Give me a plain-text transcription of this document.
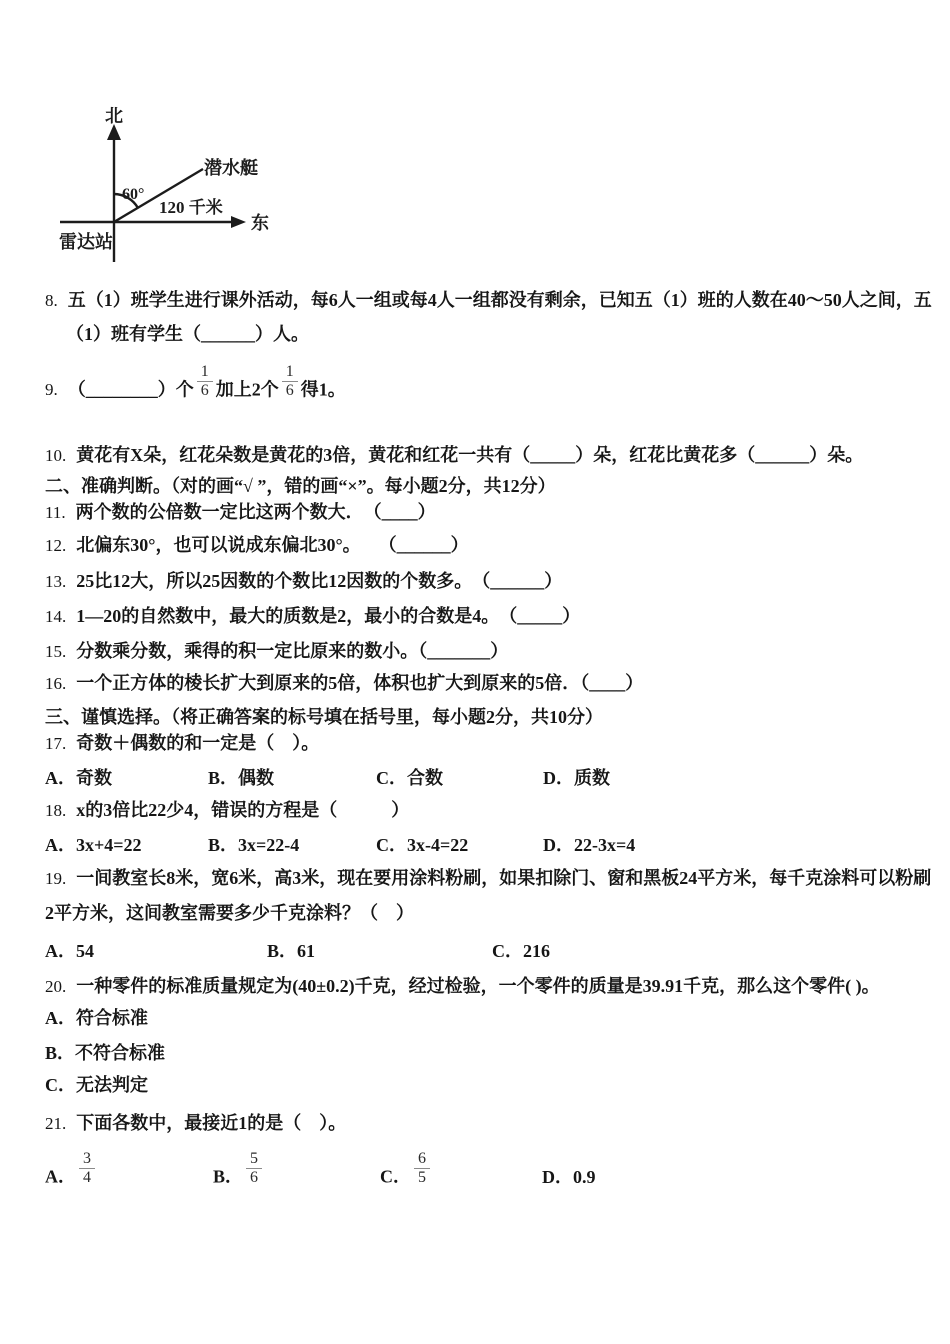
北
东
潜水艇
60°
120 千米
雷达站
8. 五（1）班学生进行课外活动，每6人一组或每4人一组都没有剩余，已知五（1）班的人数在40～50人之间，五
（1）班有学生（______）人。
9. （________）个 $\frac{1}{6}$ 加上2个 $\frac{1}{6}$ 得1。
10. 黄花有X朵，红花朵数是黄花的3倍，黄花和红花一共有（_____）朵，红花比黄花多（______）朵。
二、准确判断。（对的画“√ ”，错的画“×”。每小题2分，共12分）
11. 两个数的公倍数一定比这两个数大．　（____）
12. 北偏东30°，也可以说成东偏北30°。　　（______）
13. 25比12大，所以25因数的个数比12因数的个数多。　（______）
14. 1—20的自然数中，最大的质数是2，最小的合数是4。　（_____）
15. 分数乘分数，乘得的积一定比原来的数小。（_______）
16. 一个正方体的棱长扩大到原来的5倍，体积也扩大到原来的5倍．（____）
三、谨慎选择。（将正确答案的标号填在括号里，每小题2分，共10分）
17. 奇数＋偶数的和一定是（　）。
A．奇数	B．偶数	C．合数	D．质数
18. x的3倍比22少4，错误的方程是（　　　）
A．3x+4=22	B．3x=22-4	C．3x-4=22	D．22-3x=4
19. 一间教室长8米，宽6米，高3米，现在要用涂料粉刷，如果扣除门、窗和黑板24平方米，每千克涂料可以粉刷
2平方米，这间教室需要多少千克涂料？（　）
A．54	B．61	C．216
20. 一种零件的标准质量规定为(40±0.2)千克，经过检验，一个零件的质量是39.91千克，那么这个零件( )。
A．符合标准
B．不符合标准
C．无法判定
21. 下面各数中，最接近1的是（　）。
A． $\frac{3}{4}$	B． $\frac{5}{6}$	C． $\frac{6}{5}$	D．0.9
